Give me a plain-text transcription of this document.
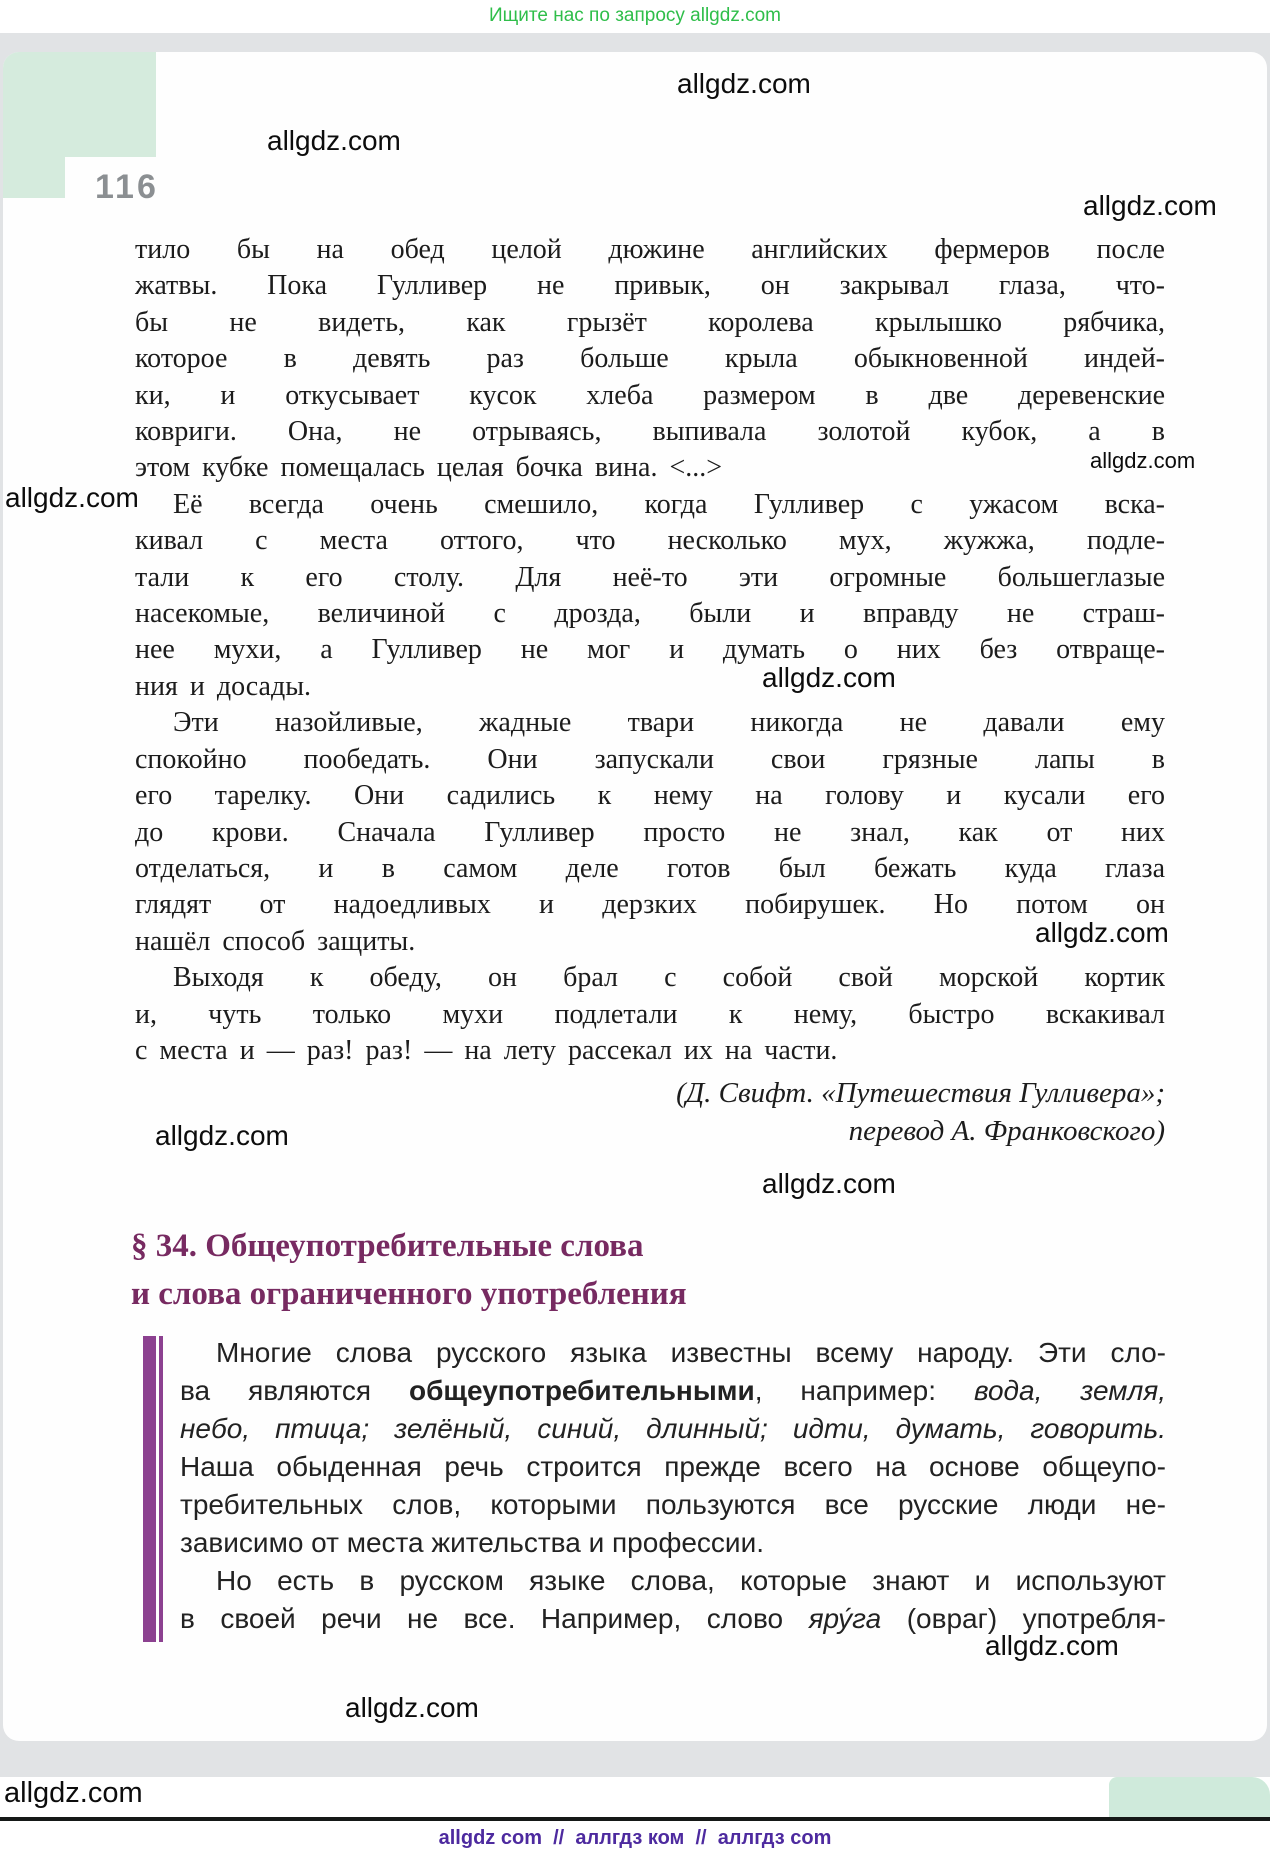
Ищите нас по запросу allgdz.com
116
тило бы на обед целой дюжине английских фермеров после
жатвы. Пока Гулливер не привык, он закрывал глаза, что-
бы не видеть, как грызёт королева крылышко рябчика,
которое в девять раз больше крыла обыкновенной индей-
ки, и откусывает кусок хлеба размером в две деревенские
ковриги. Она, не отрываясь, выпивала золотой кубок, а в
этом кубке помещалась целая бочка вина. <...>
Её всегда очень смешило, когда Гулливер с ужасом вска-
кивал с места оттого, что несколько мух, жужжа, подле-
тали к его столу. Для неё-то эти огромные большеглазые
насекомые, величиной с дрозда, были и вправду не страш-
нее мухи, а Гулливер не мог и думать о них без отвраще-
ния и досады.
Эти назойливые, жадные твари никогда не давали ему
спокойно пообедать. Они запускали свои грязные лапы в
его тарелку. Они садились к нему на голову и кусали его
до крови. Сначала Гулливер просто не знал, как от них
отделаться, и в самом деле готов был бежать куда глаза
глядят от надоедливых и дерзких побирушек. Но потом он
нашёл способ защиты.
Выходя к обеду, он брал с собой свой морской кортик
и, чуть только мухи подлетали к нему, быстро вскакивал
с места и — раз! раз! — на лету рассекал их на части.
(Д. Свифт. «Путешествия Гулливера»;
перевод А. Франковского)
§ 34. Общеупотребительные слова
и слова ограниченного употребления
Многие слова русского языка известны всему народу. Эти сло-
ва являются общеупотребительными, например: вода, земля,
небо, птица; зелёный, синий, длинный; идти, думать, говорить.
Наша обыденная речь строится прежде всего на основе общеупо-
требительных слов, которыми пользуются все русские люди не-
зависимо от места жительства и профессии.
Но есть в русском языке слова, которые знают и используют
в своей речи не все. Например, слово яру́га (овраг) употребля-
allgdz.com
allgdz.com
allgdz.com
allgdz.com
allgdz.com
allgdz.com
allgdz.com
allgdz.com
allgdz.com
allgdz.com
allgdz.com
allgdz.com
allgdz com  //  аллгдз ком  //  аллгдз com
